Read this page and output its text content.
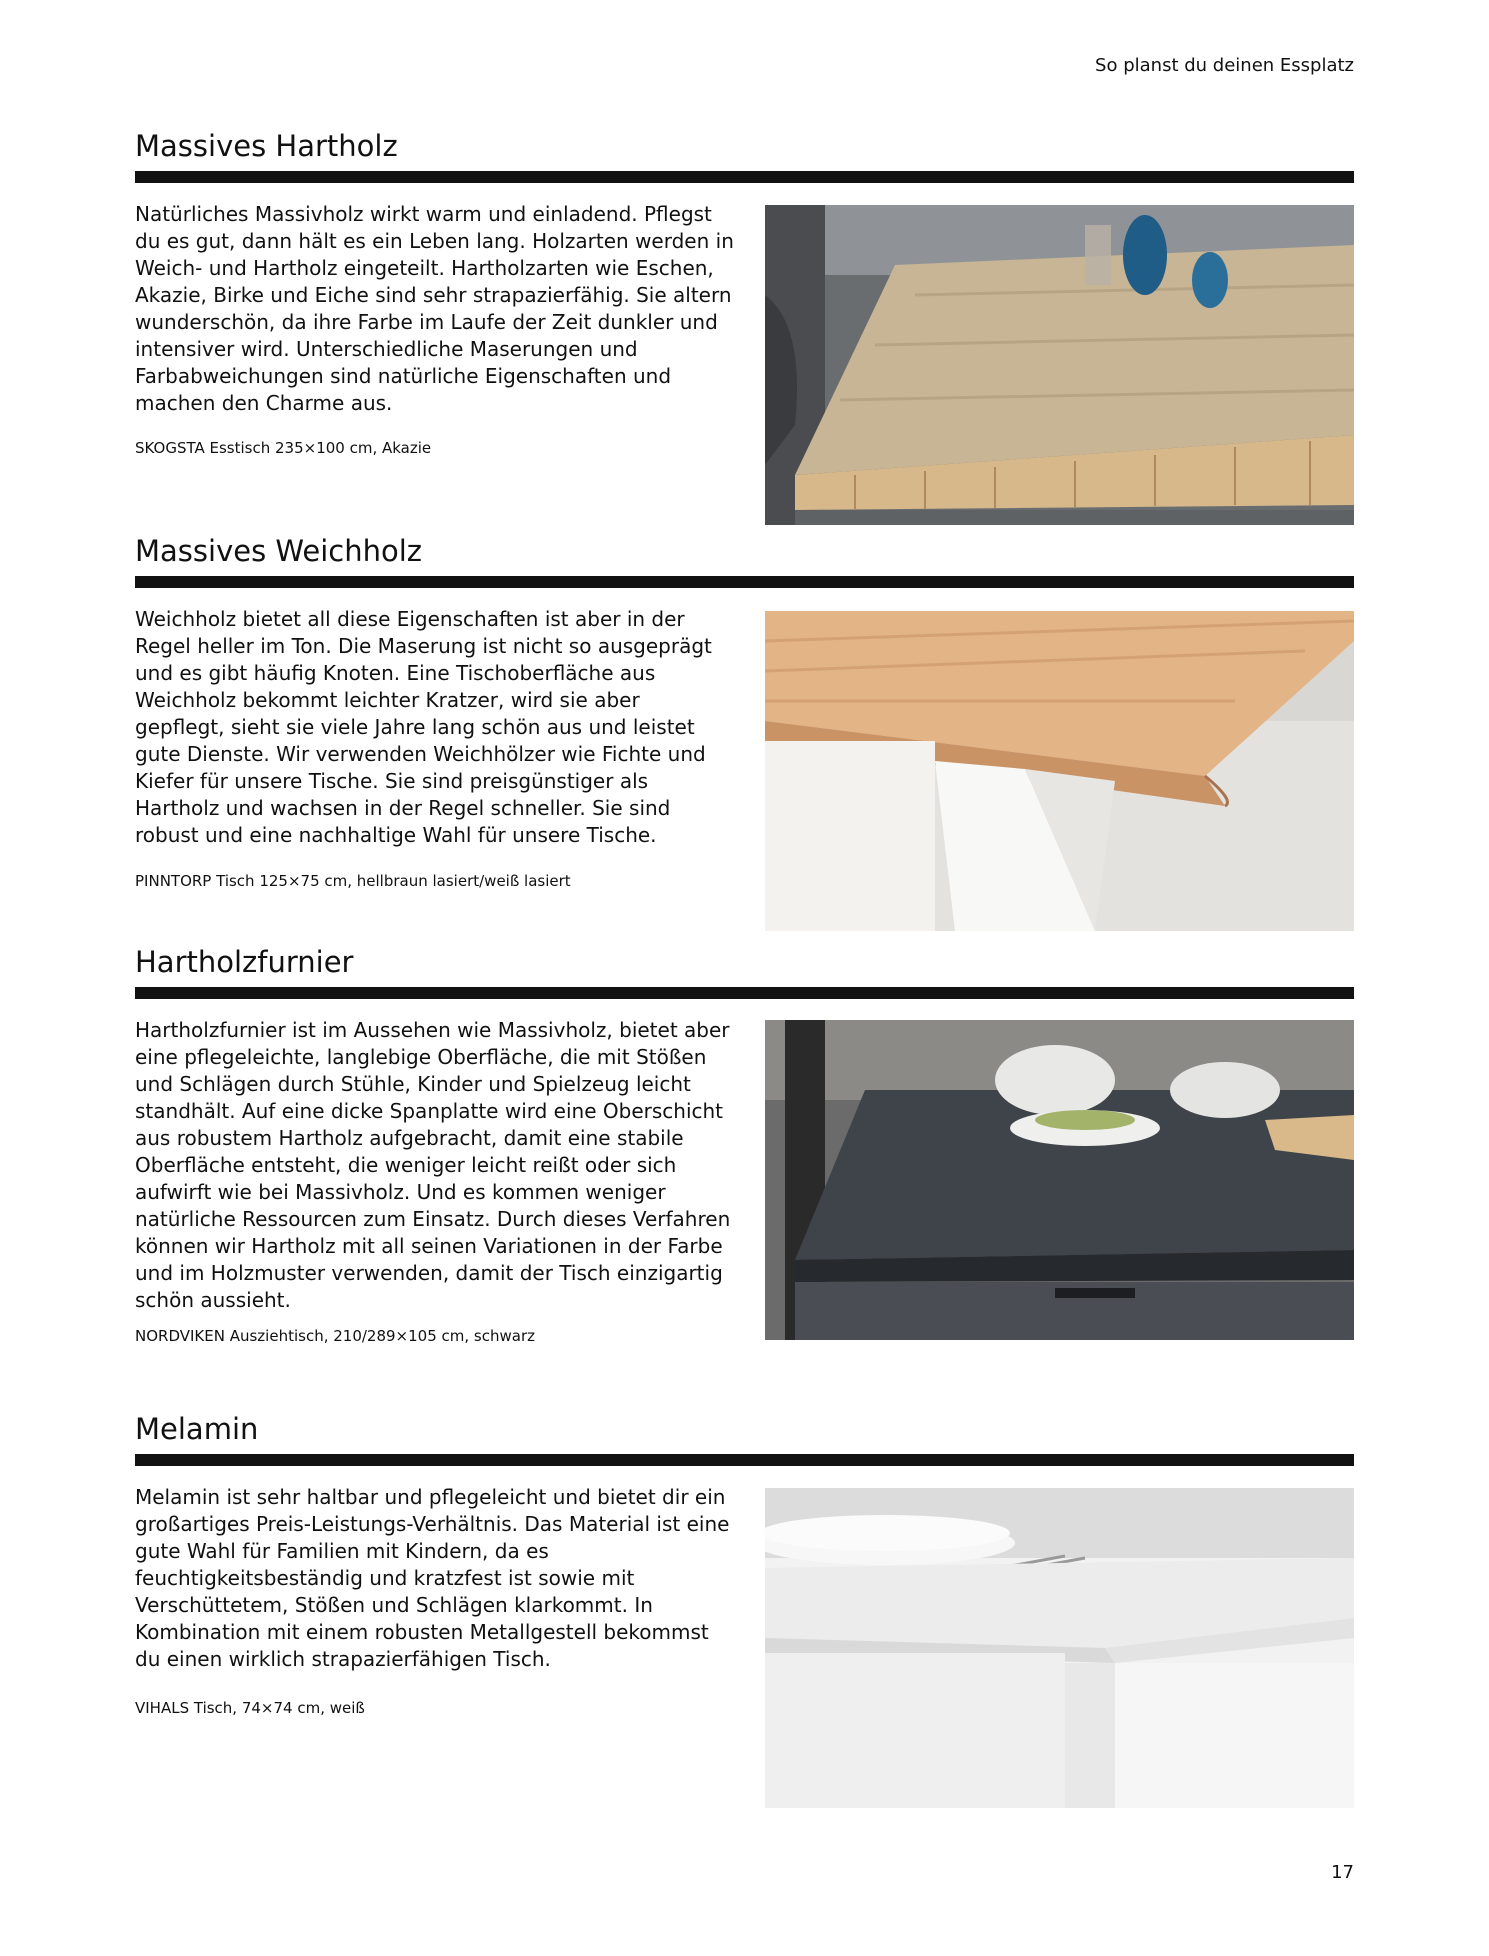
So planst du deinen Essplatz
Massives Hartholz

Natürliches Massivholz wirkt warm und einladend. Pflegst du es gut, dann hält es ein Leben lang. Holzarten werden in Weich- und Hartholz eingeteilt. Hartholzarten wie Eschen, Akazie, Birke und Eiche sind sehr strapazierfähig. Sie altern wunderschön, da ihre Farbe im Laufe der Zeit dunkler und intensiver wird. Unterschiedliche Maserungen und Farbabweichungen sind natürliche Eigenschaften und machen den Charme aus.

SKOGSTA Esstisch 235×100 cm, Akazie
Massives Weichholz

Weichholz bietet all diese Eigenschaften ist aber in der Regel heller im Ton. Die Maserung ist nicht so ausgeprägt und es gibt häufig Knoten. Eine Tischoberfläche aus Weichholz bekommt leichter Kratzer, wird sie aber gepflegt, sieht sie viele Jahre lang schön aus und leistet gute Dienste. Wir verwenden Weichhölzer wie Fichte und Kiefer für unsere Tische. Sie sind preisgünstiger als Hartholz und wachsen in der Regel schneller. Sie sind robust und eine nachhaltige Wahl für unsere Tische.

PINNTORP Tisch 125×75 cm, hellbraun lasiert/weiß lasiert
Hartholzfurnier

Hartholzfurnier ist im Aussehen wie Massivholz, bietet aber eine pflegeleichte, langlebige Oberfläche, die mit Stößen und Schlägen durch Stühle, Kinder und Spielzeug leicht standhält. Auf eine dicke Spanplatte wird eine Oberschicht aus robustem Hartholz aufgebracht, damit eine stabile Oberfläche entsteht, die weniger leicht reißt oder sich aufwirft wie bei Massivholz. Und es kommen weniger natürliche Ressourcen zum Einsatz. Durch dieses Verfahren können wir Hartholz mit all seinen Variationen in der Farbe und im Holzmuster verwenden, damit der Tisch einzigartig schön aussieht.

NORDVIKEN Ausziehtisch, 210/289×105 cm, schwarz
Melamin

Melamin ist sehr haltbar und pflegeleicht und bietet dir ein großartiges Preis-Leistungs-Verhältnis. Das Material ist eine gute Wahl für Familien mit Kindern, da es feuchtigkeitsbeständig und kratzfest ist sowie mit Verschüttetem, Stößen und Schlägen klarkommt. In Kombination mit einem robusten Metallgestell bekommst du einen wirklich strapazierfähigen Tisch.

VIHALS Tisch, 74×74 cm, weiß
17
